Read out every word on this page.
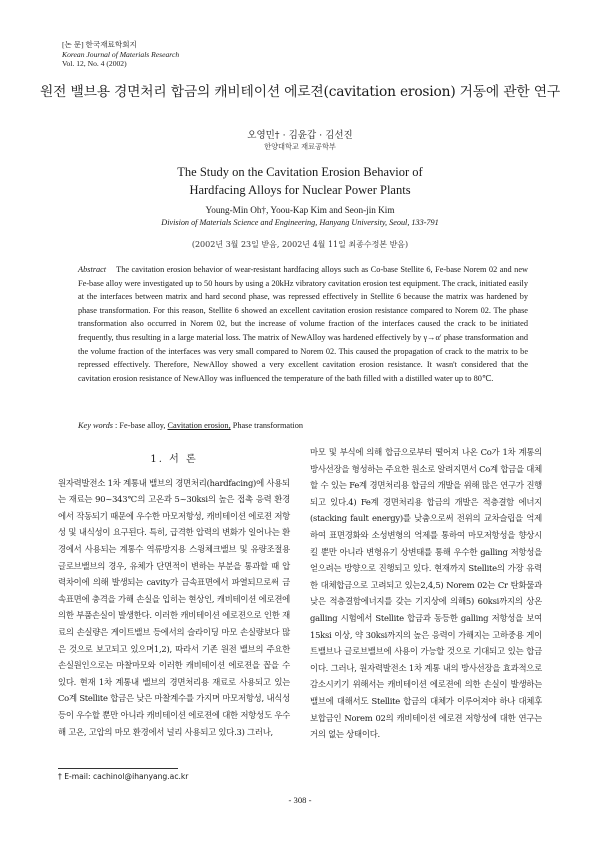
[논 문] 한국재료학회지
Korean Journal of Materials Research
Vol. 12, No. 4 (2002)
원전 밸브용 경면처리 합금의 캐비테이션 에로젼(cavitation erosion) 거동에 관한 연구
오영민† · 김윤갑 · 김선진
한양대학교 재료공학부
The Study on the Cavitation Erosion Behavior of
Hardfacing Alloys for Nuclear Power Plants
Young-Min Oh†, Yoou-Kap Kim and Seon-jin Kim
Division of Materials Science and Engineering, Hanyang University, Seoul, 133-791
(2002년 3월 23일 받음, 2002년 4월 11일 최종수정본 받음)
Abstract The cavitation erosion behavior of wear-resistant hardfacing alloys such as Co-base Stellite 6, Fe-base Norem 02 and new Fe-base alloy were investigated up to 50 hours by using a 20kHz vibratory cavitation erosion test equipment. The crack, initiated easily at the interfaces between matrix and hard second phase, was repressed effectively in Stellite 6 because the matrix was hardened by phase transformation. For this reason, Stellite 6 showed an excellent cavitation erosion resistance compared to Norem 02. The phase transformation also occurred in Norem 02, but the increase of volume fraction of the interfaces caused the crack to be initiated frequently, thus resulting in a large material loss. The matrix of NewAlloy was hardened effectively by γ→α′ phase transformation and the volume fraction of the interfaces was very small compared to Norem 02. This caused the propagation of crack to the matrix to be repressed effectively. Therefore, NewAlloy showed a very excellent cavitation erosion resistance. It wasn't considered that the cavitation erosion resistance of NewAlloy was influenced the temperature of the bath filled with a distilled water up to 80℃.
Key words : Fe-base alloy, Cavitation erosion, Phase transformation
1. 서 론

원자력발전소 1차 계통내 밸브의 경면처리(hardfacing)에 사용되는 재료는 90~343℃의 고온과 5~30ksi의 높은 접촉 응력 환경에서 작동되기 때문에 우수한 마모저항성, 캐비테이션 에로젼 저항성 및 내식성이 요구된다. 특히, 급격한 압력의 변화가 일어나는 환경에서 사용되는 계통수 역류방지용 스윙체크밸브 및 유량조절용 글로브밸브의 경우, 유체가 단면적이 변하는 부분을 통과할 때 압력차이에 의해 발생되는 cavity가 금속표면에서 파열되므로써 금속표면에 충격을 가해 손실을 입히는 현상인, 캐비테이션 에로젼에 의한 부품손실이 발생한다. 이러한 캐비테이션 에로젼으로 인한 재료의 손실량은 게이트밸브 등에서의 슬라이딩 마모 손실량보다 많은 것으로 보고되고 있으며1,2), 따라서 기존 원전 밸브의 주요한 손실원인으로는 마찰마모와 이러한 캐비테이션 에로젼을 꼽을 수 있다. 현재 1차 계통내 밸브의 경면처리용 재료로 사용되고 있는 Co계 Stellite 합금은 낮은 마찰계수를 가지며 마모저항성, 내식성 등이 우수할 뿐만 아니라 캐비테이션 에로젼에 대한 저항성도 우수해 고온, 고압의 마모 환경에서 널리 사용되고 있다.3) 그러나,

마모 및 부식에 의해 합금으로부터 떨어져 나온 Co가 1차 계통의 방사선장을 형성하는 주요한 원소로 알려지면서 Co계 합금을 대체할 수 있는 Fe계 경면처리용 합금의 개발을 위해 많은 연구가 진행되고 있다.4) Fe계 경면처리용 합금의 개발은 적층결함 에너지(stacking fault energy)를 낮춤으로써 전위의 교차슬립을 억제하여 표면경화와 소성변형의 억제를 통하여 마모저항성을 향상시킬 뿐만 아니라 변형유기 상변태를 통해 우수한 galling 저항성을 얻으려는 방향으로 진행되고 있다. 현재까지 Stellite의 가장 유력한 대체합금으로 고려되고 있는2,4,5) Norem 02는 Cr 탄화물과 낮은 적층결함에너지를 갖는 기지상에 의해5) 60ksi까지의 상온 galling 시험에서 Stellite 합금과 동등한 galling 저항성을 보여 15ksi 이상, 약 30ksi까지의 높은 응력이 가해지는 고하중용 게이트밸브나 글로브밸브에 사용이 가능할 것으로 기대되고 있는 합금이다. 그러나, 원자력발전소 1차 계통 내의 방사선장을 효과적으로 감소시키기 위해서는 캐비테이션 에로젼에 의한 손실이 발생하는 밸브에 대해서도 Stellite 합금의 대체가 이루어져야 하나 대체후보합금인 Norem 02의 캐비테이션 에로젼 저항성에 대한 연구는 거의 없는 상태이다.

† E-mail: cachinol@ihanyang.ac.kr
- 308 -
